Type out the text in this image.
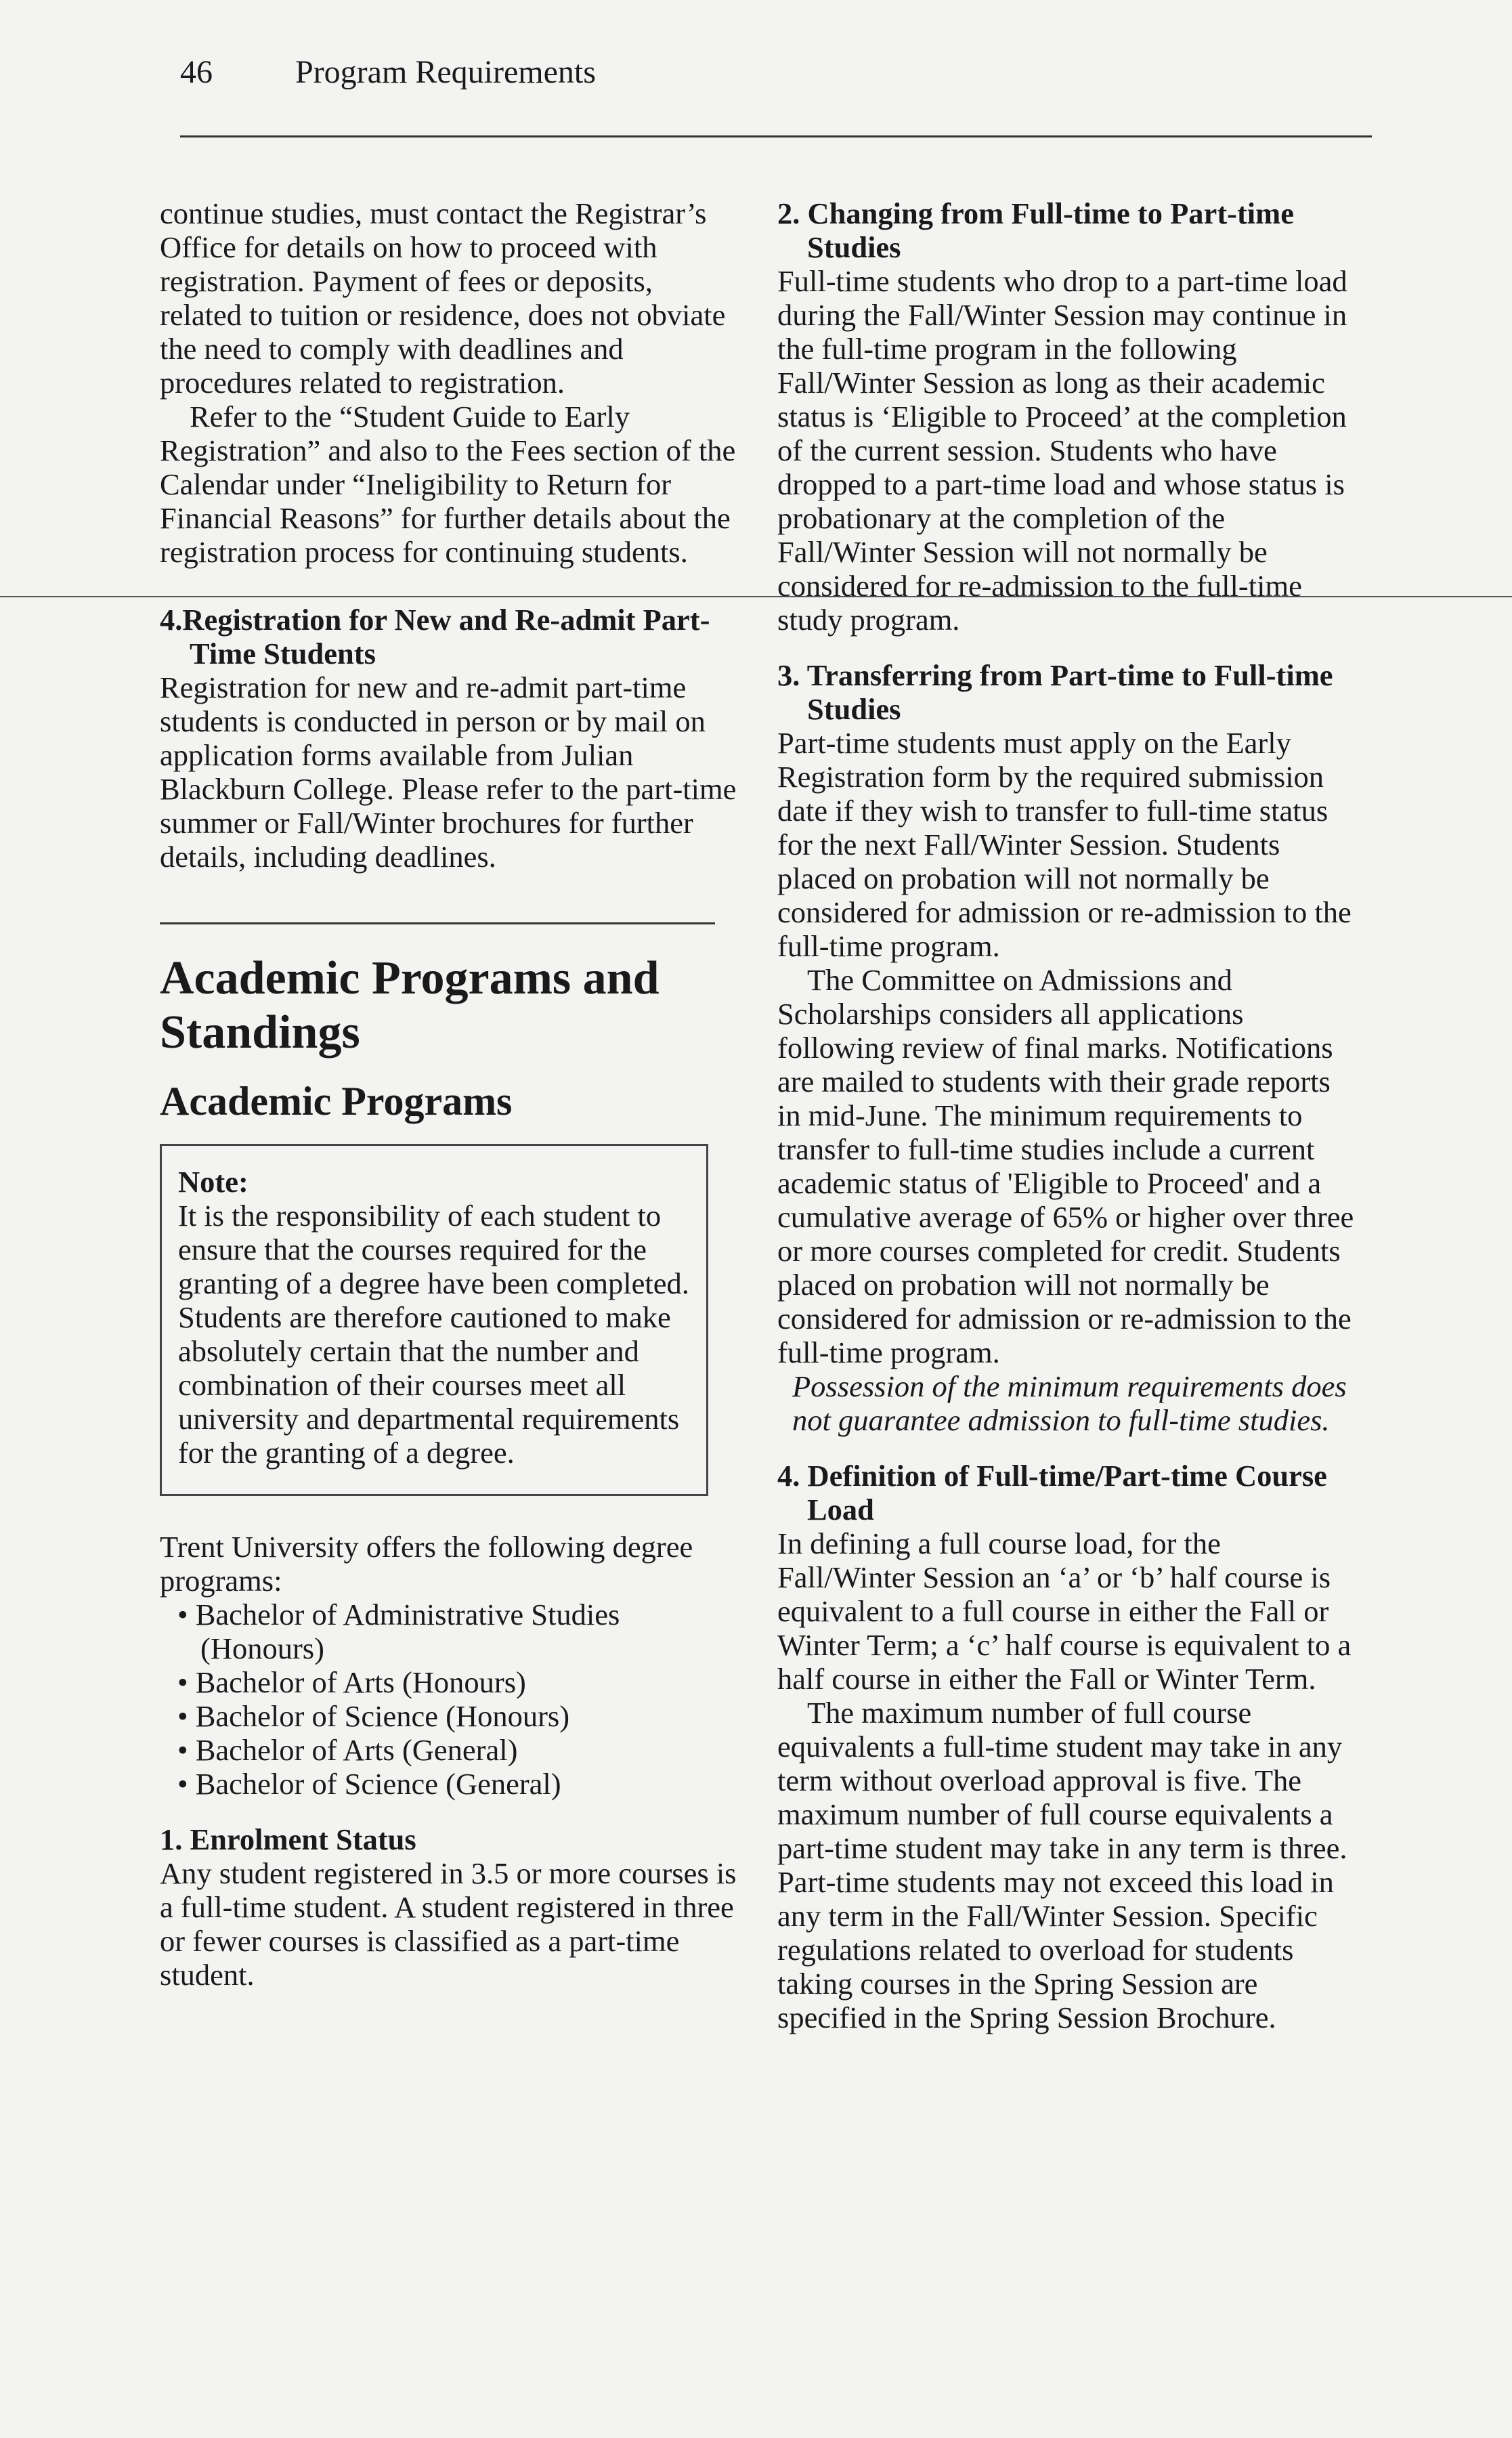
46	Program Requirements

continue studies, must contact the Registrar’s Office for details on how to proceed with registration. Payment of fees or deposits, related to tuition or residence, does not obviate the need to comply with deadlines and procedures related to registration.

Refer to the “Student Guide to Early Registration” and also to the Fees section of the Calendar under “Ineligibility to Return for Financial Reasons” for further details about the registration process for continuing students.

4.Registration for New and Re-admit Part-Time Students

Registration for new and re-admit part-time students is conducted in person or by mail on application forms available from Julian Blackburn College. Please refer to the part-time summer or Fall/Winter brochures for further details, including deadlines.

Academic Programs and Standings
Academic Programs

Note:

It is the responsibility of each student to ensure that the courses required for the granting of a degree have been completed. Students are therefore cautioned to make absolutely certain that the number and combination of their courses meet all university and departmental requirements for the granting of a degree.

Trent University offers the following degree programs:

• Bachelor of Administrative Studies (Honours)
• Bachelor of Arts (Honours)
• Bachelor of Science (Honours)
• Bachelor of Arts (General)
• Bachelor of Science (General)

1. Enrolment Status

Any student registered in 3.5 or more courses is a full-time student. A student registered in three or fewer courses is classified as a part-time student.

2. Changing from Full-time to Part-time Studies

Full-time students who drop to a part-time load during the Fall/Winter Session may continue in the full-time program in the following Fall/Winter Session as long as their academic status is ‘Eligible to Proceed’ at the completion of the current session. Students who have dropped to a part-time load and whose status is probationary at the completion of the Fall/Winter Session will not normally be considered for re-admission to the full-time study program.

3. Transferring from Part-time to Full-time Studies

Part-time students must apply on the Early Registration form by the required submission date if they wish to transfer to full-time status for the next Fall/Winter Session. Students placed on probation will not normally be considered for admission or re-admission to the full-time program.

The Committee on Admissions and Scholarships considers all applications following review of final marks. Notifications are mailed to students with their grade reports in mid-June. The minimum requirements to transfer to full-time studies include a current academic status of 'Eligible to Proceed' and a cumulative average of 65% or higher over three or more courses completed for credit. Students placed on probation will not normally be considered for admission or re-admission to the full-time program.

Possession of the minimum requirements does not guarantee admission to full-time studies.

4. Definition of Full-time/Part-time Course Load

In defining a full course load, for the Fall/Winter Session an ‘a’ or ‘b’ half course is equivalent to a full course in either the Fall or Winter Term; a ‘c’ half course is equivalent to a half course in either the Fall or Winter Term.

The maximum number of full course equivalents a full-time student may take in any term without overload approval is five. The maximum number of full course equivalents a part-time student may take in any term is three. Part-time students may not exceed this load in any term in the Fall/Winter Session. Specific regulations related to overload for students taking courses in the Spring Session are specified in the Spring Session Brochure.
